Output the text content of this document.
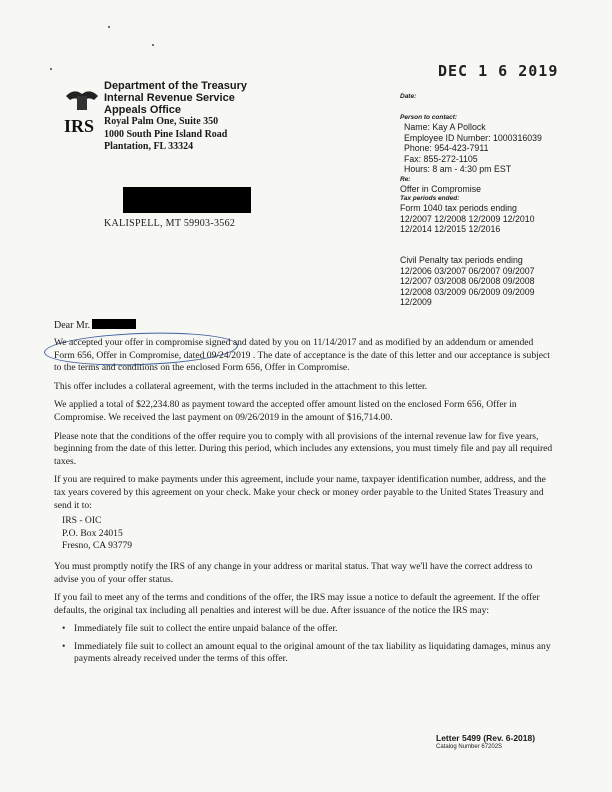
DEC 1 6 2019
IRS
Department of the Treasury
Internal Revenue Service
Appeals Office
Royal Palm One, Suite 350
1000 South Pine Island Road
Plantation, FL 33324
KALISPELL, MT 59903-3562
Date:
Person to contact:
Name: Kay A Pollock
Employee ID Number: 1000316039
Phone: 954-423-7911
Fax: 855-272-1105
Hours: 8 am - 4:30 pm EST
Re:
Offer in Compromise
Tax periods ended:
Form 1040 tax periods ending
12/2007 12/2008 12/2009 12/2010
12/2014 12/2015 12/2016
Civil Penalty tax periods ending
12/2006 03/2007 06/2007 09/2007
12/2007 03/2008 06/2008 09/2008
12/2008 03/2009 06/2009 09/2009
12/2009
Dear Mr.

We accepted your offer in compromise signed and dated by you on 11/14/2017 and as modified by an addendum or amended Form 656, Offer in Compromise, dated 09/24/2019 . The date of acceptance is the date of this letter and our acceptance is subject to the terms and conditions on the enclosed Form 656, Offer in Compromise.

This offer includes a collateral agreement, with the terms included in the attachment to this letter.

We applied a total of $22,234.80 as payment toward the accepted offer amount listed on the enclosed Form 656, Offer in Compromise. We received the last payment on 09/26/2019 in the amount of $16,714.00.

Please note that the conditions of the offer require you to comply with all provisions of the internal revenue law for five years, beginning from the date of this letter. During this period, which includes any extensions, you must timely file and pay all required taxes.

If you are required to make payments under this agreement, include your name, taxpayer identification number, address, and the tax years covered by this agreement on your check. Make your check or money order payable to the United States Treasury and send it to:

IRS - OIC
P.O. Box 24015
Fresno, CA 93779

You must promptly notify the IRS of any change in your address or marital status. That way we'll have the correct address to advise you of your offer status.

If you fail to meet any of the terms and conditions of the offer, the IRS may issue a notice to default the agreement. If the offer defaults, the original tax including all penalties and interest will be due. After issuance of the notice the IRS may:

• Immediately file suit to collect the entire unpaid balance of the offer.
• Immediately file suit to collect an amount equal to the original amount of the tax liability as liquidating damages, minus any payments already received under the terms of this offer.
Letter 5499 (Rev. 6-2018)
Catalog Number 67202S
